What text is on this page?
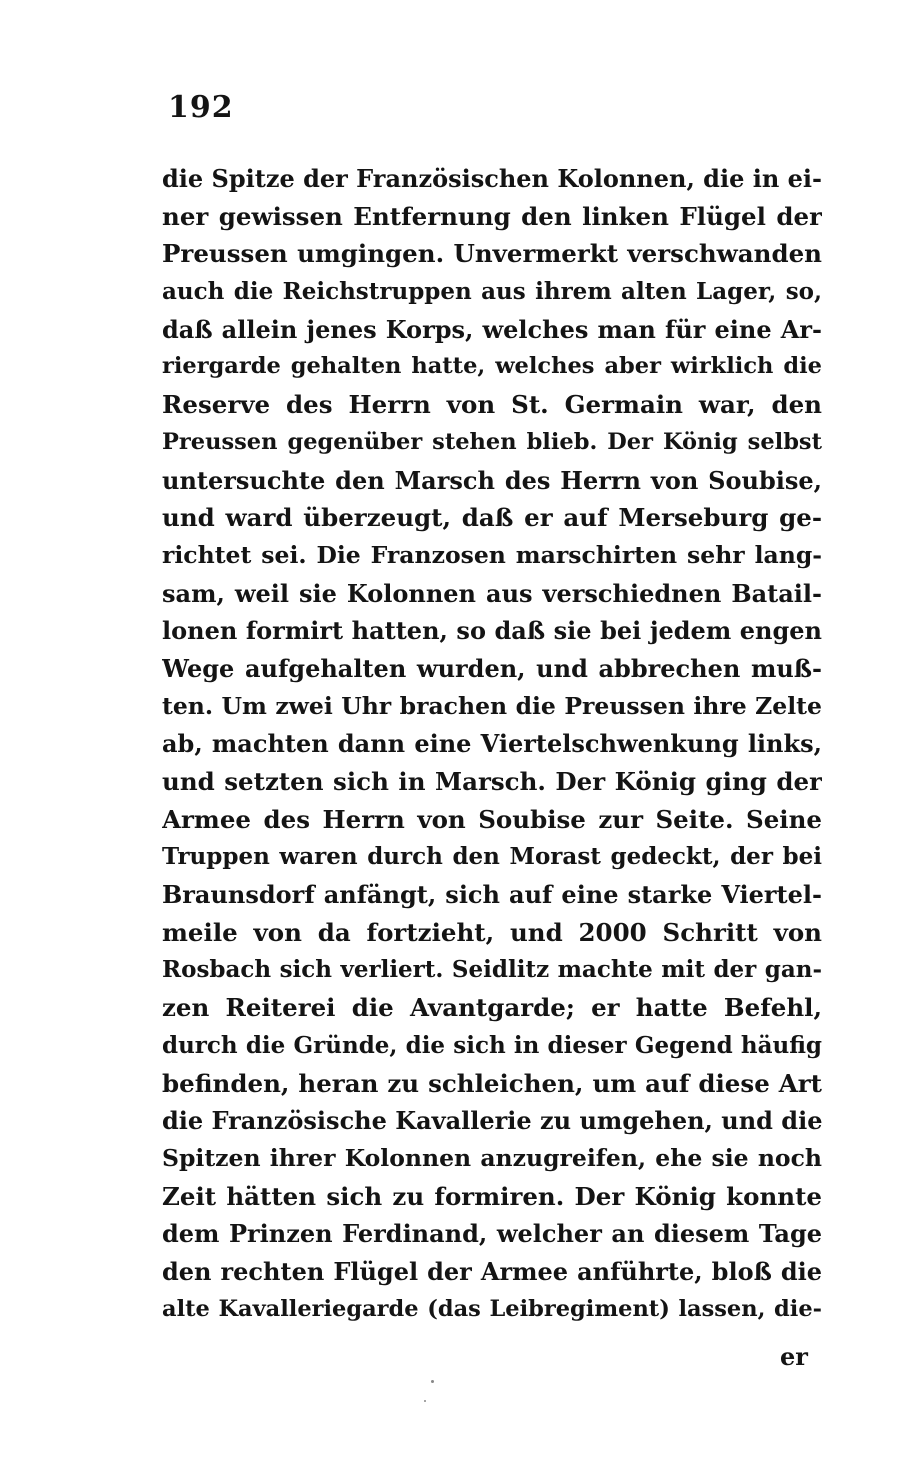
192
die Spitze der Französischen Kolonnen, die in ei-
ner gewissen Entfernung den linken Flügel der
Preussen umgingen. Unvermerkt verschwanden
auch die Reichstruppen aus ihrem alten Lager, so,
daß allein jenes Korps, welches man für eine Ar-
riergarde gehalten hatte, welches aber wirklich die
Reserve des Herrn von St. Germain war, den
Preussen gegenüber stehen blieb. Der König selbst
untersuchte den Marsch des Herrn von Soubise,
und ward überzeugt, daß er auf Merseburg ge-
richtet sei. Die Franzosen marschirten sehr lang-
sam, weil sie Kolonnen aus verschiednen Batail-
lonen formirt hatten, so daß sie bei jedem engen
Wege aufgehalten wurden, und abbrechen muß-
ten. Um zwei Uhr brachen die Preussen ihre Zelte
ab, machten dann eine Viertelschwenkung links,
und setzten sich in Marsch. Der König ging der
Armee des Herrn von Soubise zur Seite. Seine
Truppen waren durch den Morast gedeckt, der bei
Braunsdorf anfängt, sich auf eine starke Viertel-
meile von da fortzieht, und 2000 Schritt von
Rosbach sich verliert. Seidlitz machte mit der gan-
zen Reiterei die Avantgarde; er hatte Befehl,
durch die Gründe, die sich in dieser Gegend häufig
befinden, heran zu schleichen, um auf diese Art
die Französische Kavallerie zu umgehen, und die
Spitzen ihrer Kolonnen anzugreifen, ehe sie noch
Zeit hätten sich zu formiren. Der König konnte
dem Prinzen Ferdinand, welcher an diesem Tage
den rechten Flügel der Armee anführte, bloß die
alte Kavalleriegarde (das Leibregiment) lassen, die-
er
